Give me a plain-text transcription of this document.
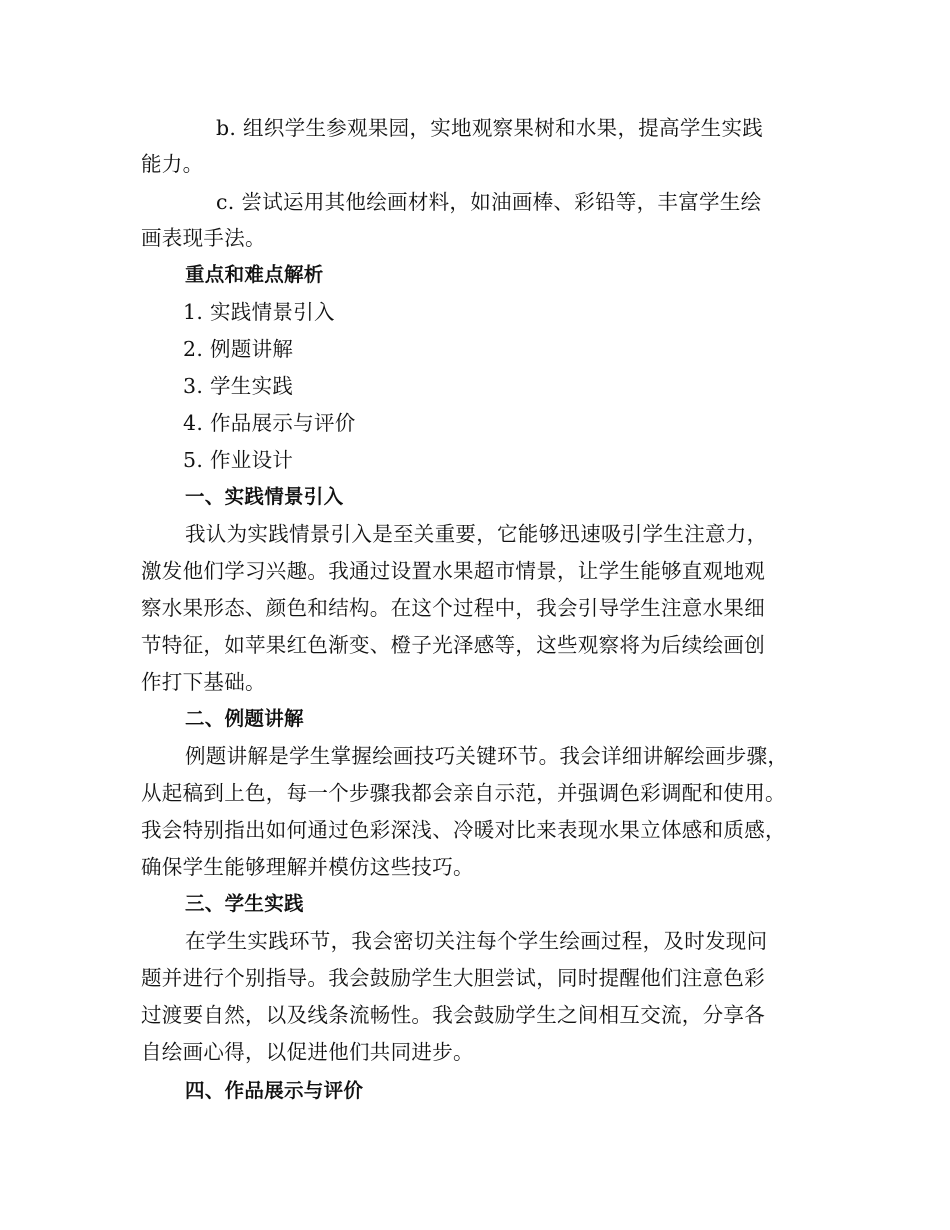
b. 组织学生参观果园，实地观察果树和水果，提高学生实践
能力。
c. 尝试运用其他绘画材料，如油画棒、彩铅等，丰富学生绘
画表现手法。
重点和难点解析
1. 实践情景引入
2. 例题讲解
3. 学生实践
4. 作品展示与评价
5. 作业设计
一、实践情景引入
我认为实践情景引入是至关重要，它能够迅速吸引学生注意力，
激发他们学习兴趣。我通过设置水果超市情景，让学生能够直观地观
察水果形态、颜色和结构。在这个过程中，我会引导学生注意水果细
节特征，如苹果红色渐变、橙子光泽感等，这些观察将为后续绘画创
作打下基础。
二、例题讲解
例题讲解是学生掌握绘画技巧关键环节。我会详细讲解绘画步骤，
从起稿到上色，每一个步骤我都会亲自示范，并强调色彩调配和使用。
我会特别指出如何通过色彩深浅、冷暖对比来表现水果立体感和质感，
确保学生能够理解并模仿这些技巧。
三、学生实践
在学生实践环节，我会密切关注每个学生绘画过程，及时发现问
题并进行个别指导。我会鼓励学生大胆尝试，同时提醒他们注意色彩
过渡要自然，以及线条流畅性。我会鼓励学生之间相互交流，分享各
自绘画心得，以促进他们共同进步。
四、作品展示与评价
